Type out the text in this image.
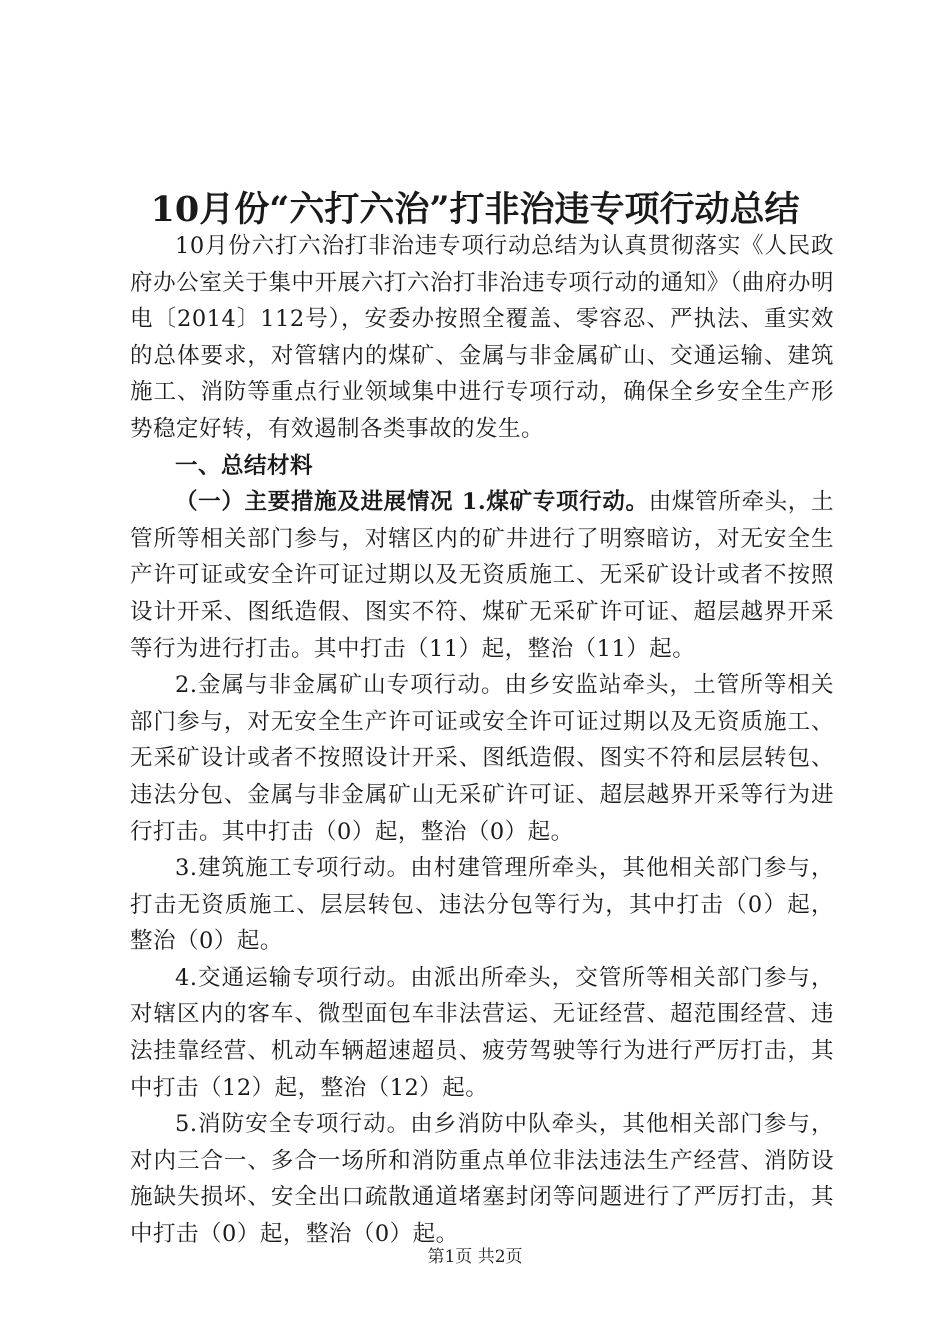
10月份“六打六治”打非治违专项行动总结

10月份六打六治打非治违专项行动总结为认真贯彻落实《人民政府办公室关于集中开展六打六治打非治违专项行动的通知》（曲府办明电〔2014〕112号），安委办按照全覆盖、零容忍、严执法、重实效的总体要求，对管辖内的煤矿、金属与非金属矿山、交通运输、建筑施工、消防等重点行业领域集中进行专项行动，确保全乡安全生产形势稳定好转，有效遏制各类事故的发生。

一、总结材料

（一）主要措施及进展情况 1.煤矿专项行动。由煤管所牵头，土管所等相关部门参与，对辖区内的矿井进行了明察暗访，对无安全生产许可证或安全许可证过期以及无资质施工、无采矿设计或者不按照设计开采、图纸造假、图实不符、煤矿无采矿许可证、超层越界开采等行为进行打击。其中打击（11）起，整治（11）起。

2.金属与非金属矿山专项行动。由乡安监站牵头，土管所等相关部门参与，对无安全生产许可证或安全许可证过期以及无资质施工、无采矿设计或者不按照设计开采、图纸造假、图实不符和层层转包、违法分包、金属与非金属矿山无采矿许可证、超层越界开采等行为进行打击。其中打击（0）起，整治（0）起。

3.建筑施工专项行动。由村建管理所牵头，其他相关部门参与，打击无资质施工、层层转包、违法分包等行为，其中打击（0）起，整治（0）起。

4.交通运输专项行动。由派出所牵头，交管所等相关部门参与，对辖区内的客车、微型面包车非法营运、无证经营、超范围经营、违法挂靠经营、机动车辆超速超员、疲劳驾驶等行为进行严厉打击，其中打击（12）起，整治（12）起。

5.消防安全专项行动。由乡消防中队牵头，其他相关部门参与，对内三合一、多合一场所和消防重点单位非法违法生产经营、消防设施缺失损坏、安全出口疏散通道堵塞封闭等问题进行了严厉打击，其中打击（0）起，整治（0）起。

第1页 共2页
